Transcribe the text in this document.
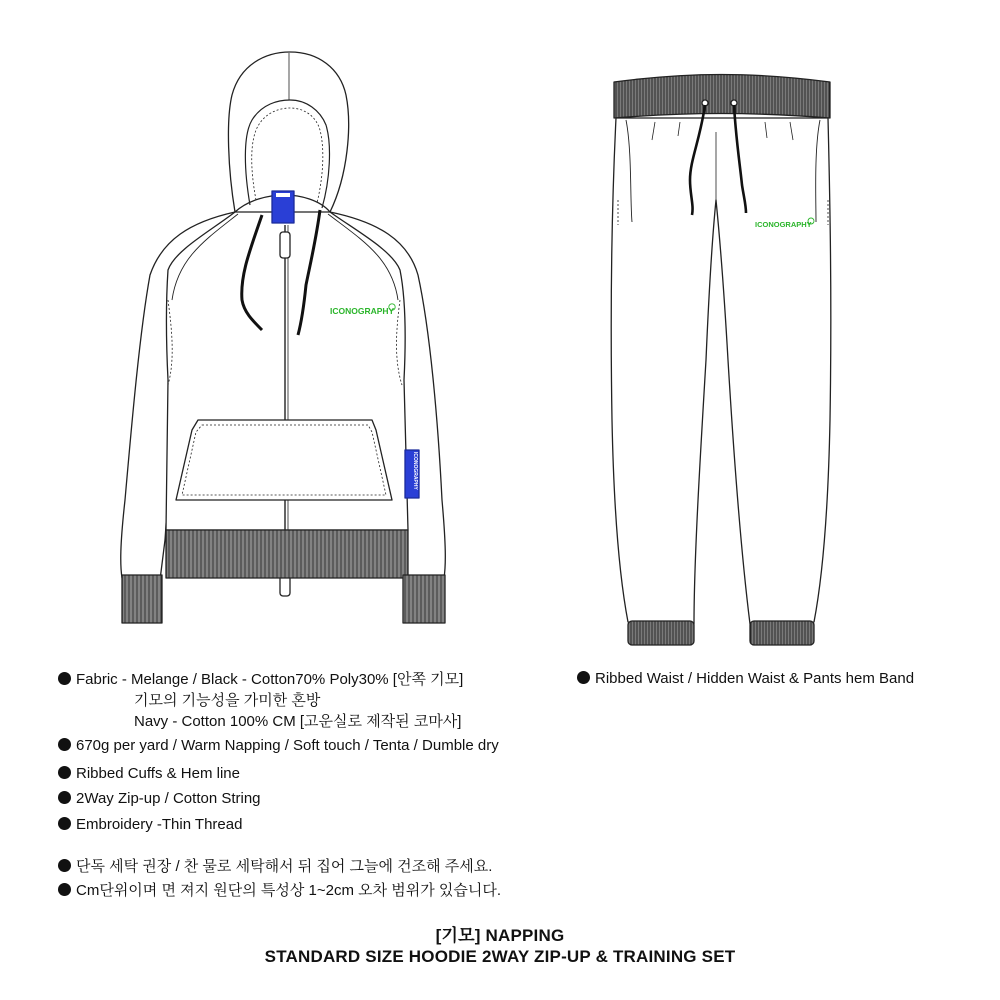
ICONOGRAPHY
ICONOGRAPHY
ICONOGRAPHY
Fabric - Melange / Black - Cotton70% Poly30% [안쪽 기모]
기모의 기능성을 가미한 혼방
Navy - Cotton 100% CM [고운실로 제작된 코마사]
670g per yard / Warm Napping / Soft touch / Tenta / Dumble dry
Ribbed Cuffs & Hem line
2Way Zip-up / Cotton String
Embroidery -Thin Thread
단독 세탁 권장 / 찬 물로 세탁해서 뒤 집어 그늘에 건조해 주세요.
Cm단위이며 면 져지 원단의 특성상 1~2cm 오차 범위가 있습니다.
Ribbed Waist / Hidden Waist & Pants hem Band
[기모] NAPPING
STANDARD SIZE HOODIE 2WAY ZIP-UP & TRAINING SET
